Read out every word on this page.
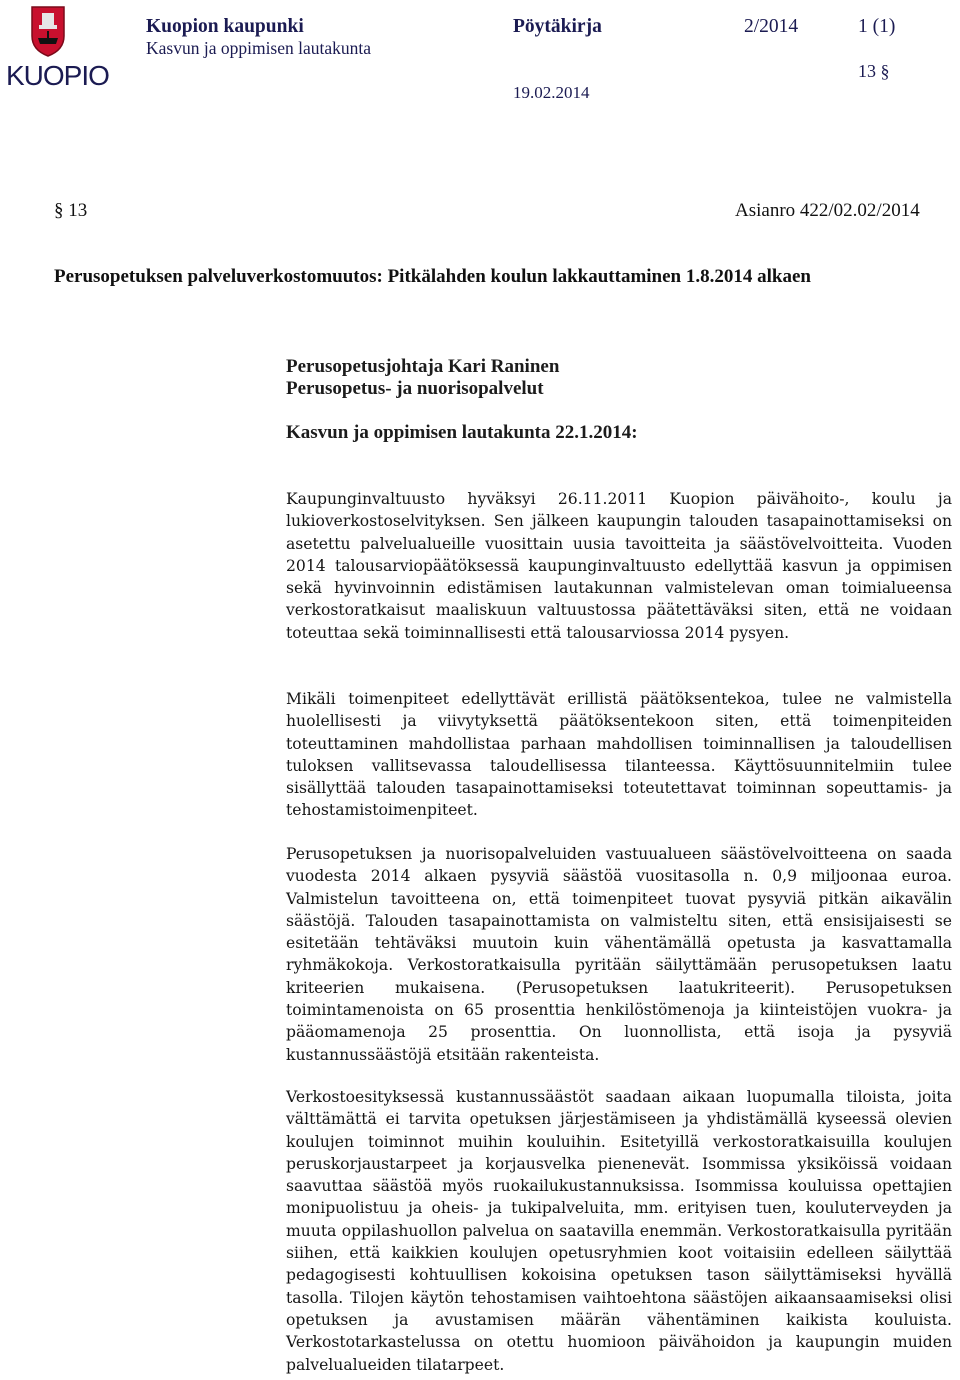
KUOPIO
Kuopion kaupunki
Kasvun ja oppimisen lautakunta
Pöytäkirja	2/2014	1 (1)
13 §
19.02.2014
§ 13	Asianro 422/02.02/2014
Perusopetuksen palveluverkostomuutos: Pitkälahden koulun lakkauttaminen 1.8.2014 alkaen
Perusopetusjohtaja Kari Raninen
Perusopetus- ja nuorisopalvelut
Kasvun ja oppimisen lautakunta 22.1.2014:

Kaupunginvaltuusto hyväksyi 26.11.2011 Kuopion päivähoito-, koulu ja lukioverkostoselvityksen. Sen jälkeen kaupungin talouden tasapainottamiseksi on asetettu palvelualueille vuosittain uusia tavoitteita ja säästövelvoitteita. Vuoden 2014 talousarviopäätöksessä kaupunginvaltuusto edellyttää kasvun ja oppimisen sekä hyvinvoinnin edistämisen lautakunnan valmistelevan oman toimialueensa verkostoratkaisut maaliskuun valtuustossa päätettäväksi siten, että ne voidaan toteuttaa sekä toiminnallisesti että talousarviossa 2014 pysyen.

Mikäli toimenpiteet edellyttävät erillistä päätöksentekoa, tulee ne valmistella huolellisesti ja viivytyksettä päätöksentekoon siten, että toimenpiteiden toteuttaminen mahdollistaa parhaan mahdollisen toiminnallisen ja taloudellisen tuloksen vallitsevassa taloudellisessa tilanteessa. Käyttösuunnitelmiin tulee sisällyttää talouden tasapainottamiseksi toteutettavat toiminnan sopeuttamis- ja tehostamistoimenpiteet.

Perusopetuksen ja nuorisopalveluiden vastuualueen säästövelvoitteena on saada vuodesta 2014 alkaen pysyviä säästöä vuositasolla n. 0,9 miljoonaa euroa. Valmistelun tavoitteena on, että toimenpiteet tuovat pysyviä pitkän aikavälin säästöjä. Talouden tasapainottamista on valmisteltu siten, että ensisijaisesti se esitetään tehtäväksi muutoin kuin vähentämällä opetusta ja kasvattamalla ryhmäkokoja. Verkostoratkaisulla pyritään säilyttämään perusopetuksen laatu kriteerien mukaisena. (Perusopetuksen laatukriteerit). Perusopetuksen toimintamenoista on 65 prosenttia henkilöstömenoja ja kiinteistöjen vuokra- ja pääomamenoja 25 prosenttia. On luonnollista, että isoja ja pysyviä kustannussäästöjä etsitään rakenteista.

Verkostoesityksessä kustannussäästöt saadaan aikaan luopumalla tiloista, joita välttämättä ei tarvita opetuksen järjestämiseen ja yhdistämällä kyseessä olevien koulujen toiminnot muihin kouluihin. Esitetyillä verkostoratkaisuilla koulujen peruskorjaustarpeet ja korjausvelka pienenevät. Isommissa yksiköissä voidaan saavuttaa säästöä myös ruokailukustannuksissa. Isommissa kouluissa opettajien monipuolistuu ja oheis- ja tukipalveluita, mm. erityisen tuen, kouluterveyden ja muuta oppilashuollon palvelua on saatavilla enemmän. Verkostoratkaisulla pyritään siihen, että kaikkien koulujen opetusryhmien koot voitaisiin edelleen säilyttää pedagogisesti kohtuullisen kokoisina opetuksen tason säilyttämiseksi hyvällä tasolla. Tilojen käytön tehostamisen vaihtoehtona säästöjen aikaansaamiseksi olisi opetuksen ja avustamisen määrän vähentäminen kaikista kouluista. Verkostotarkastelussa on otettu huomioon päivähoidon ja kaupungin muiden palvelualueiden tilatarpeet.
